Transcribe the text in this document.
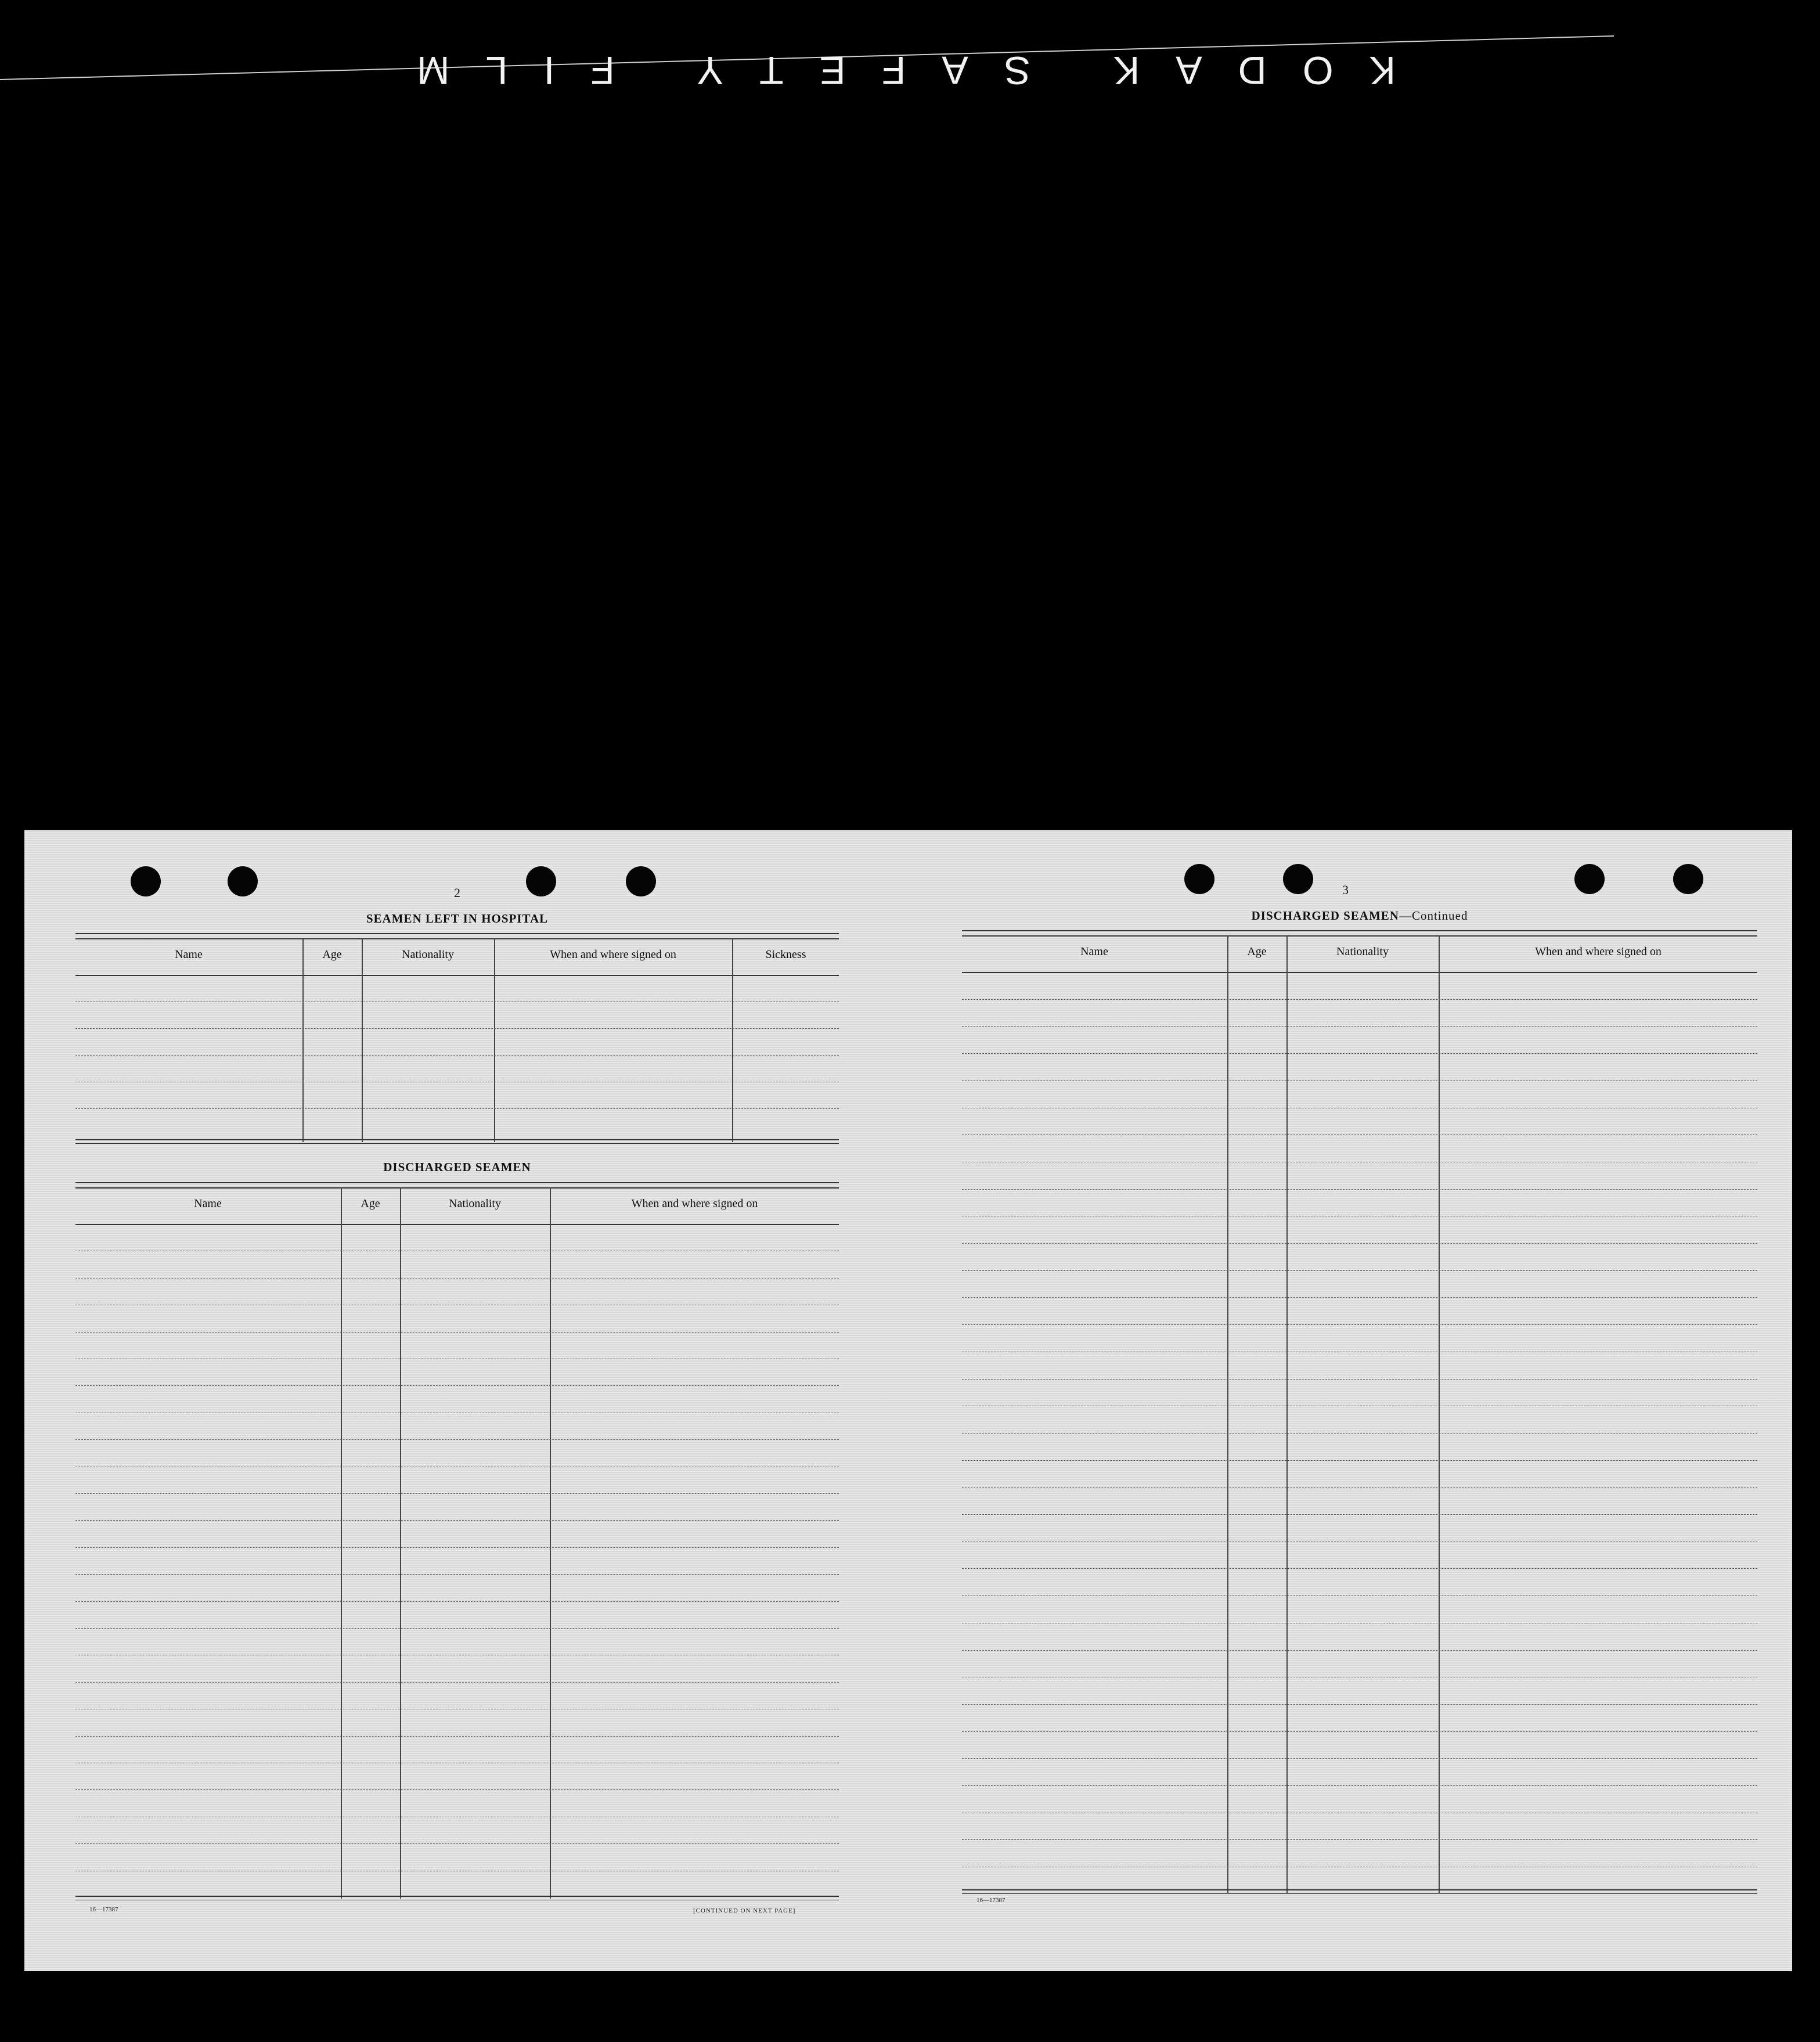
KODAK SAFETY FILM
2
SEAMEN LEFT IN HOSPITAL
Name	Age	Nationality	When and where signed on	Sickness
DISCHARGED SEAMEN
Name	Age	Nationality	When and where signed on
16—17387	[CONTINUED ON NEXT PAGE]
3
DISCHARGED SEAMEN—Continued
Name	Age	Nationality	When and where signed on
16—17387
